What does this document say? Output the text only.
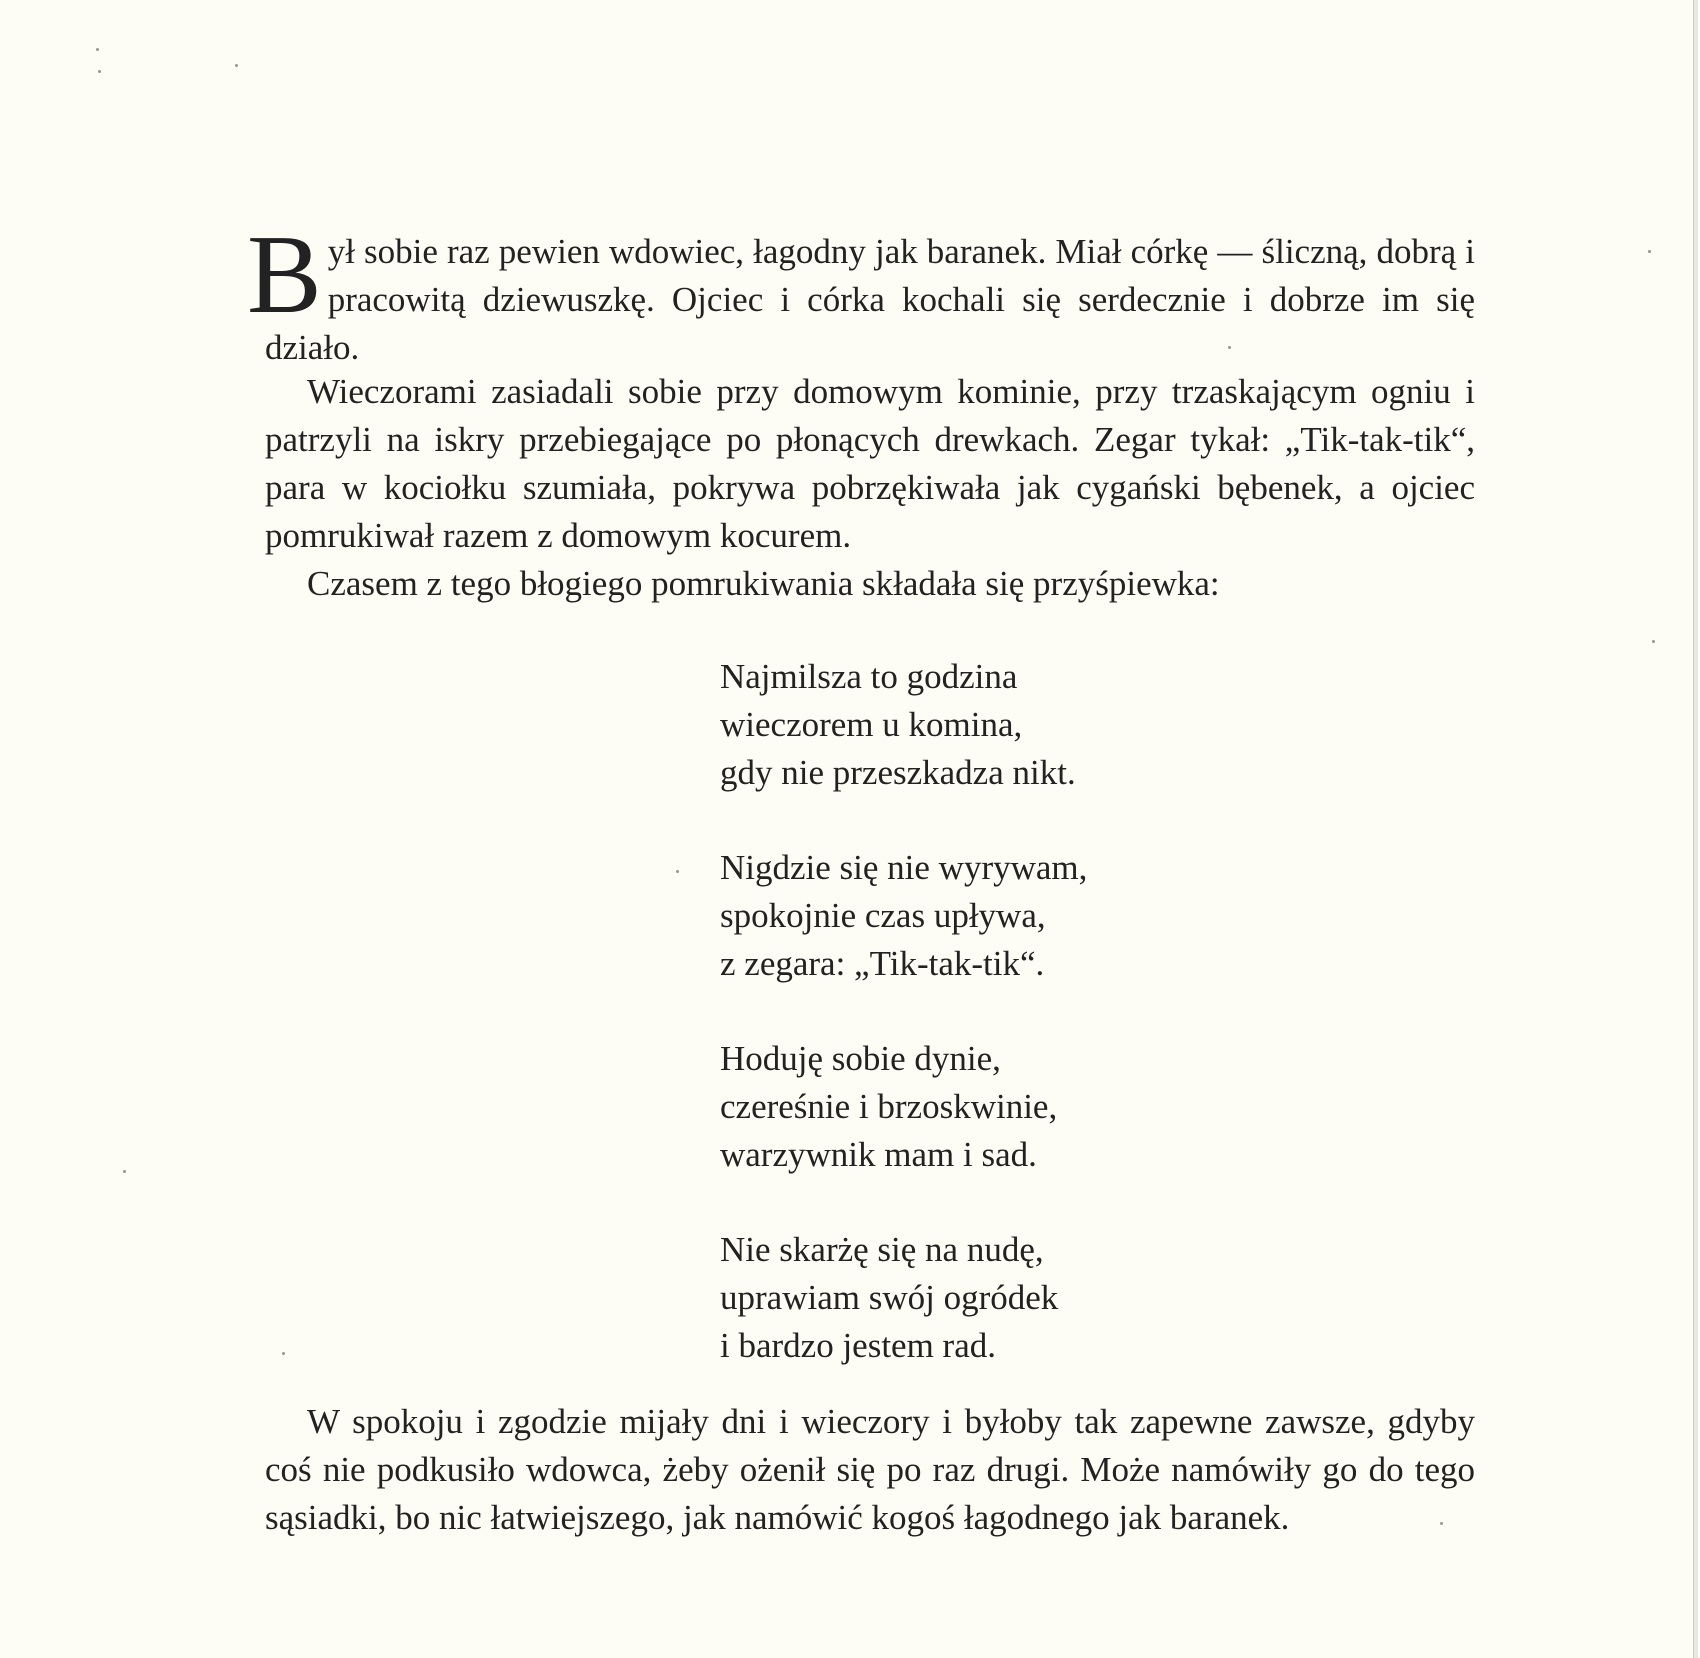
Był sobie raz pewien wdowiec, łagodny jak baranek. Miał córkę — śliczną, dobrą i pracowitą dziewuszkę. Ojciec i córka kochali się serdecznie i dobrze im się działo.

Wieczorami zasiadali sobie przy domowym kominie, przy trzaskającym ogniu i patrzyli na iskry przebiegające po płonących drewkach. Zegar tykał: „Tik-tak-tik“, para w kociołku szumiała, pokrywa pobrzękiwała jak cygański bębenek, a ojciec pomrukiwał razem z domowym kocurem.

Czasem z tego błogiego pomrukiwania składała się przyśpiewka:

Najmilsza to godzina
wieczorem u komina,
gdy nie przeszkadza nikt.
Nigdzie się nie wyrywam,
spokojnie czas upływa,
z zegara: „Tik-tak-tik“.
Hoduję sobie dynie,
czereśnie i brzoskwinie,
warzywnik mam i sad.
Nie skarżę się na nudę,
uprawiam swój ogródek
i bardzo jestem rad.

W spokoju i zgodzie mijały dni i wieczory i byłoby tak zapewne zawsze, gdyby coś nie podkusiło wdowca, żeby ożenił się po raz drugi. Może namówiły go do tego sąsiadki, bo nic łatwiejszego, jak namówić kogoś łagodnego jak baranek.
